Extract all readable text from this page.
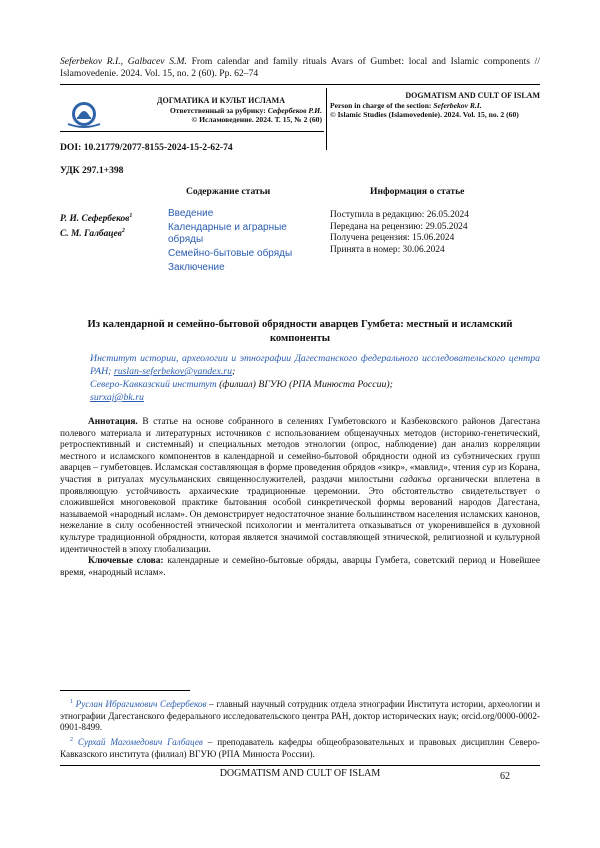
Seferbekov R.I., Galbacev S.M. From calendar and family rituals Avars of Gumbet: local and Islamic components // Islamovedenie. 2024. Vol. 15, no. 2 (60). Pp. 62–74
ДОГМАТИКА И КУЛЬТ ИСЛАМА
Ответственный за рубрику: Сефербеков Р.И.
© Исламоведение. 2024. Т. 15, № 2 (60)
DOGMATISM AND CULT OF ISLAM
Person in charge of the section: Seferbekov R.I.
© Islamic Studies (Islamovedenie). 2024. Vol. 15, no. 2 (60)
DOI: 10.21779/2077-8155-2024-15-2-62-74
УДК 297.1+398
Содержание статьи	Информация о статье
Р. И. Сефербеков$^1$
С. М. Галбацев$^2$
Введение
Календарные и аграрные обряды
Семейно-бытовые обряды
Заключение
Поступила в редакцию: 26.05.2024
Передана на рецензию: 29.05.2024
Получена рецензия: 15.06.2024
Принята в номер: 30.06.2024
Из календарной и семейно-бытовой обрядности аварцев Гумбета: местный и исламский компоненты
Институт истории, археологии и этнографии Дагестанского федерального исследовательского центра РАН; ruslan-seferbekov@yandex.ru;
Северо-Кавказский институт (филиал) ВГУЮ (РПА Минюста России);
surxaj@bk.ru

Аннотация. В статье на основе собранного в селениях Гумбетовского и Казбековского районов Дагестана полевого материала и литературных источников с использованием общенаучных методов (историко-генетический, ретроспективный и системный) и специальных методов этнологии (опрос, наблюдение) дан анализ корреляции местного и исламского компонентов в календарной и семейно-бытовой обрядности одной из субэтнических групп аварцев – гумбетовцев. Исламская составляющая в форме проведения обрядов «зикр», «мавлид», чтения сур из Корана, участия в ритуалах мусульманских священнослужителей, раздачи милостыни садакъа органически вплетена в проявляющую устойчивость архаические традиционные церемонии. Это обстоятельство свидетельствует о сложившейся многовековой практике бытования особой синкретической формы верований народов Дагестана, называемой «народный ислам». Он демонстрирует недостаточное знание большинством населения исламских канонов, нежелание в силу особенностей этнической психологии и менталитета отказываться от укоренившейся в духовной культуре традиционной обрядности, которая является значимой составляющей этнической, религиозной и культурной идентичностей в эпоху глобализации.

Ключевые слова: календарные и семейно-бытовые обряды, аварцы Гумбета, советский период и Новейшее время, «народный ислам».

$^1$ Руслан Ибрагимович Сефербеков – главный научный сотрудник отдела этнографии Института истории, археологии и этнографии Дагестанского федерального исследовательского центра РАН, доктор исторических наук; orcid.org/0000-0002-0901-8499.

$^2$ Сурхай Магомедович Галбацев – преподаватель кафедры общеобразовательных и правовых дисциплин Северо-Кавказского института (филиал) ВГУЮ (РПА Минюста России).

DOGMATISM AND CULT OF ISLAM	62
